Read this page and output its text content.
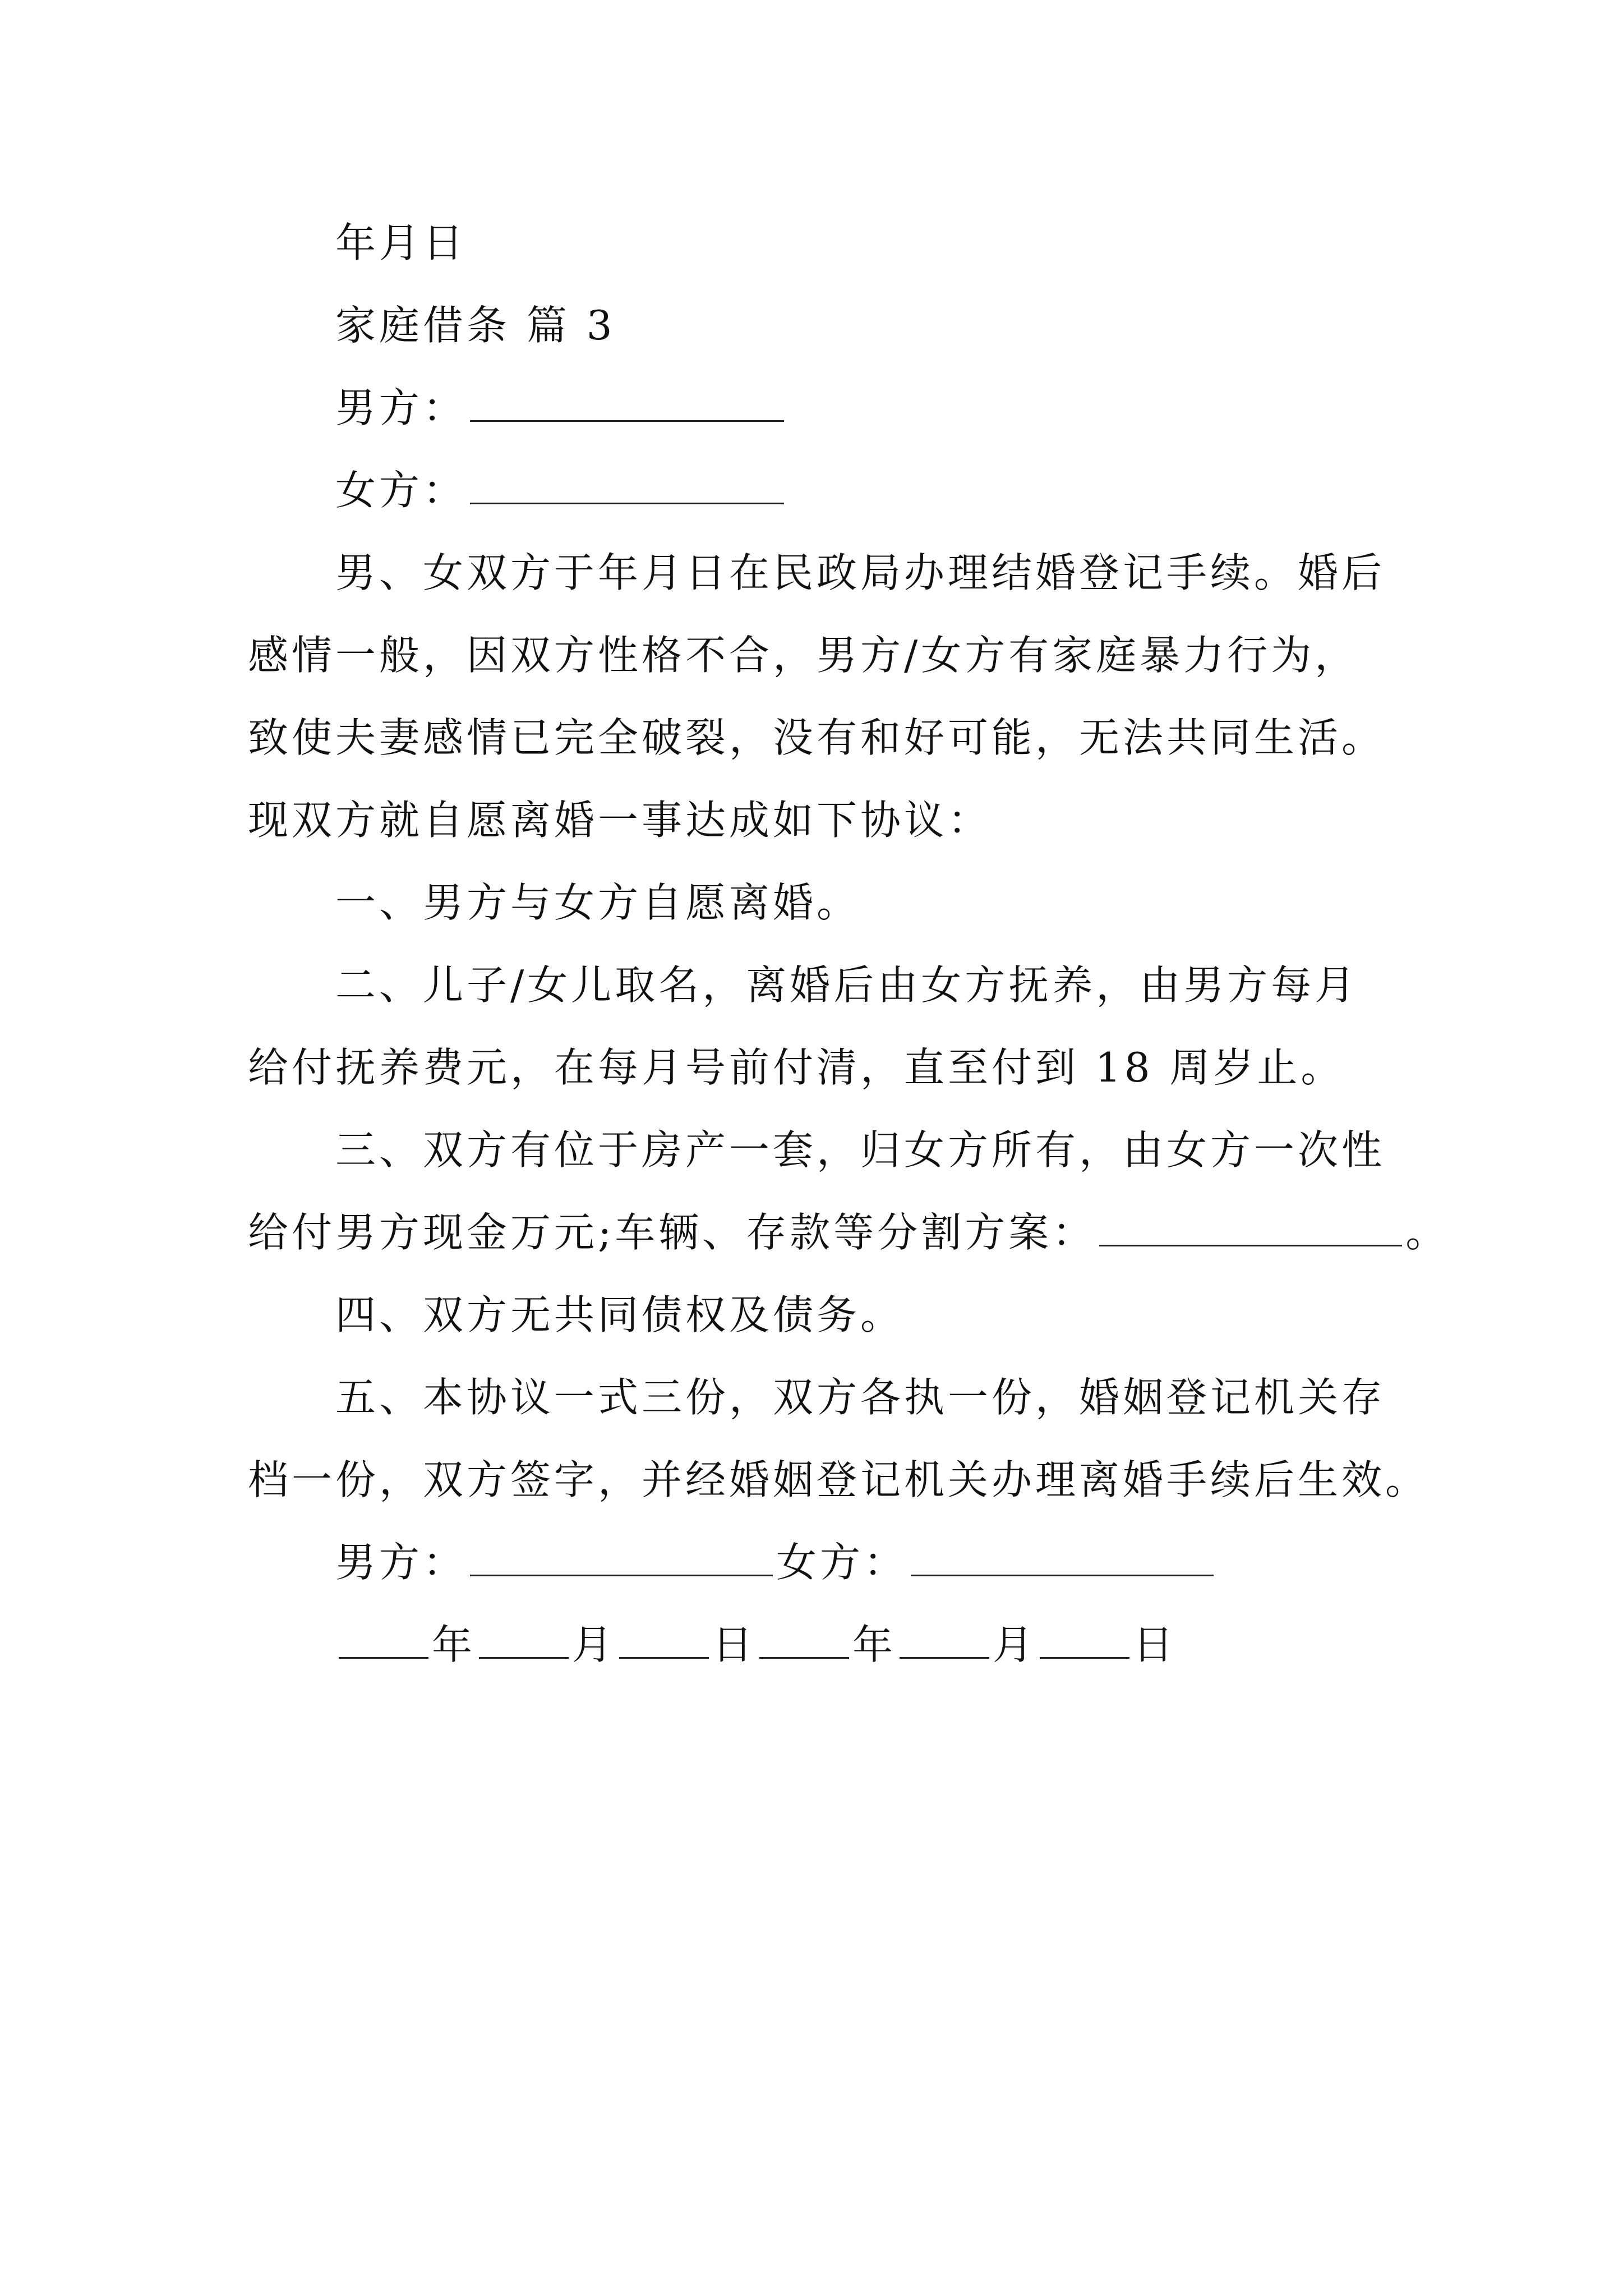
年月日
家庭借条 篇 3
男方：
女方：
男、女双方于年月日在民政局办理结婚登记手续。婚后
感情一般，因双方性格不合，男方/女方有家庭暴力行为，
致使夫妻感情已完全破裂，没有和好可能，无法共同生活。
现双方就自愿离婚一事达成如下协议：
一、男方与女方自愿离婚。
二、儿子/女儿取名，离婚后由女方抚养，由男方每月
给付抚养费元，在每月号前付清，直至付到 18 周岁止。
三、双方有位于房产一套，归女方所有，由女方一次性
给付男方现金万元;车辆、存款等分割方案：	。
四、双方无共同债权及债务。
五、本协议一式三份，双方各执一份，婚姻登记机关存
档一份，双方签字，并经婚姻登记机关办理离婚手续后生效。
男方：	女方：
年 月 日 年 月 日
